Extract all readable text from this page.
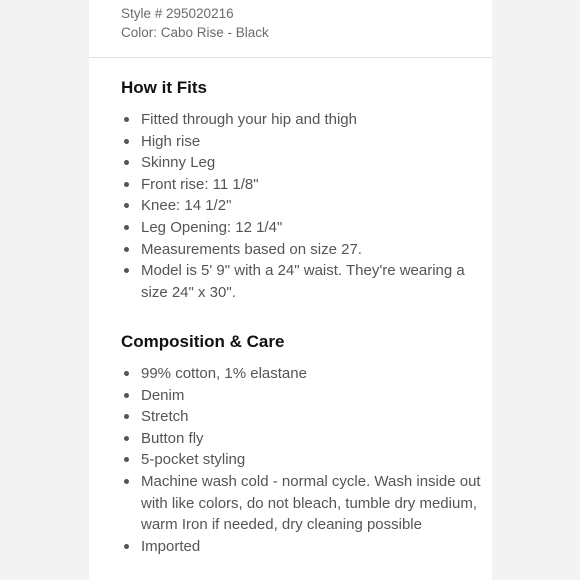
Style # 295020216
Color: Cabo Rise - Black
How it Fits
Fitted through your hip and thigh
High rise
Skinny Leg
Front rise: 11 1/8"
Knee: 14 1/2"
Leg Opening: 12 1/4"
Measurements based on size 27.
Model is 5' 9" with a 24" waist. They're wearing a size 24" x 30".
Composition & Care
99% cotton, 1% elastane
Denim
Stretch
Button fly
5-pocket styling
Machine wash cold - normal cycle. Wash inside out with like colors, do not bleach, tumble dry medium, warm Iron if needed, dry cleaning possible
Imported
